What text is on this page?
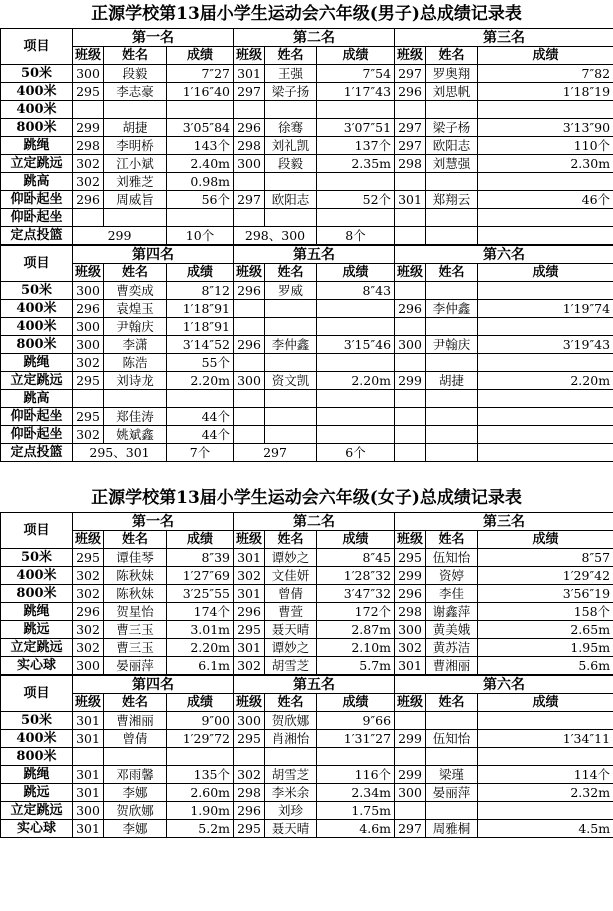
正源学校第13届小学生运动会六年级(男子)总成绩记录表
项目	第一名			第二名			第三名		
	班级	姓名	成绩	班级	姓名	成绩	班级	姓名	成绩
50米	300	段毅	7″27	301	王强	7″54	297	罗奥翔	7″82
400米	295	李志豪	1′16″40	297	梁子扬	1′17″43	296	刘思帆	1′18″19
400米									
800米	299	胡捷	3′05″84	296	徐骞	3′07″51	297	梁子杨	3′13″90
跳绳	298	李明桥	143个	298	刘礼凯	137个	297	欧阳志	110个
立定跳远	302	江小斌	2.40m	300	段毅	2.35m	298	刘慧强	2.30m
跳高	302	刘雅芝	0.98m						
仰卧起坐	296	周威旨	56个	297	欧阳志	52个	301	郑翔云	46个
仰卧起坐									
定点投篮	299		10个	298、300		8个			
项目	第四名			第五名			第六名		
	班级	姓名	成绩	班级	姓名	成绩	班级	姓名	成绩
50米	300	曹奕成	8″12	296	罗威	8″43			
400米	296	袁煌玉	1′18″91				296	李仲鑫	1′19″74
400米	300	尹翰庆	1′18″91						
800米	300	李潇	3′14″52	296	李仲鑫	3′15″46	300	尹翰庆	3′19″43
跳绳	302	陈浩	55个						
立定跳远	295	刘诗龙	2.20m	300	资文凯	2.20m	299	胡捷	2.20m
跳高									
仰卧起坐	295	郑佳涛	44个						
仰卧起坐	302	姚斌鑫	44个						
定点投篮	295、301		7个	297		6个			
正源学校第13届小学生运动会六年级(女子)总成绩记录表
项目	第一名			第二名			第三名		
	班级	姓名	成绩	班级	姓名	成绩	班级	姓名	成绩
50米	295	谭佳琴	8″39	301	谭妙之	8″45	295	伍知怡	8″57
400米	302	陈秋妹	1′27″69	302	文佳妍	1′28″32	299	资婷	1′29″42
800米	302	陈秋妹	3′25″55	301	曾倩	3′47″32	296	李佳	3′56″19
跳绳	296	贺星怡	174个	296	曹萱	172个	298	谢鑫萍	158个
跳远	302	曹三玉	3.01m	295	聂天晴	2.87m	300	黄美娥	2.65m
立定跳远	302	曹三玉	2.20m	301	谭妙之	2.10m	302	黄苏洁	1.95m
实心球	300	晏丽萍	6.1m	302	胡雪芝	5.7m	301	曹湘丽	5.6m
项目	第四名			第五名			第六名		
	班级	姓名	成绩	班级	姓名	成绩	班级	姓名	成绩
50米	301	曹湘丽	9″00	300	贺欣娜	9″66			
400米	301	曾倩	1′29″72	295	肖湘怡	1′31″27	299	伍知怡	1′34″11
800米									
跳绳	301	邓雨馨	135个	302	胡雪芝	116个	299	梁瑾	114个
跳远	301	李娜	2.60m	298	李米余	2.34m	300	晏丽萍	2.32m
立定跳远	300	贺欣娜	1.90m	296	刘珍	1.75m			
实心球	301	李娜	5.2m	295	聂天晴	4.6m	297	周雅桐	4.5m
